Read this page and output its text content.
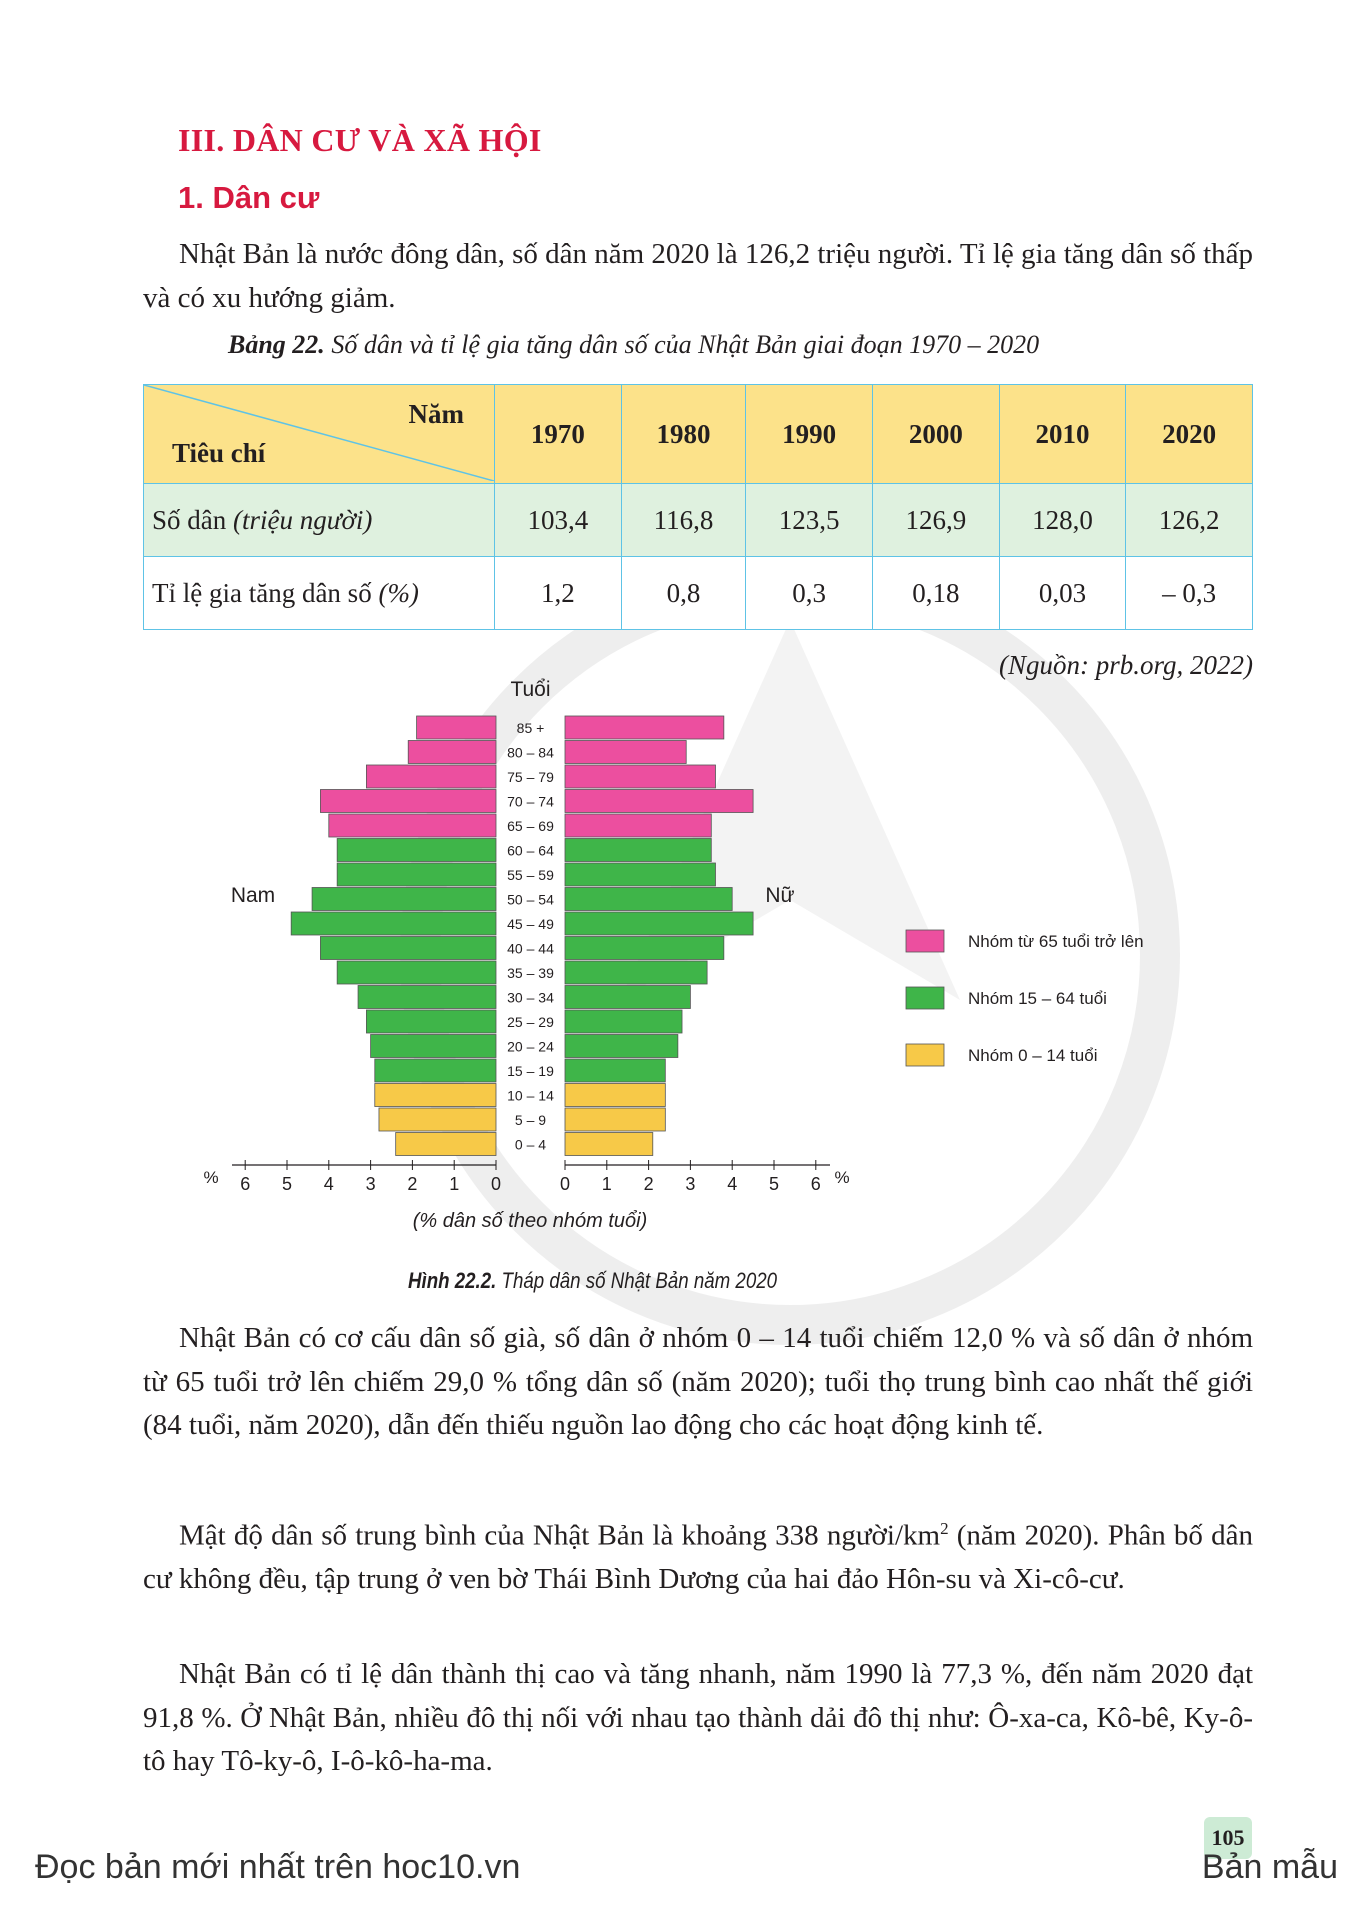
III. DÂN CƯ VÀ XÃ HỘI
1. Dân cư
Nhật Bản là nước đông dân, số dân năm 2020 là 126,2 triệu người. Tỉ lệ gia tăng dân số thấp và có xu hướng giảm.
Bảng 22. Số dân và tỉ lệ gia tăng dân số của Nhật Bản giai đoạn 1970 – 2020
Năm
Tiêu chí	1970	1980	1990	2000	2010	2020
Số dân (triệu người)	103,4	116,8	123,5	126,9	128,0	126,2
Tỉ lệ gia tăng dân số (%)	1,2	0,8	0,3	0,18	0,03	– 0,3
(Nguồn: prb.org, 2022)
85 +
80 – 84
75 – 79
70 – 74
65 – 69
60 – 64
55 – 59
50 – 54
45 – 49
40 – 44
35 – 39
30 – 34
25 – 29
20 – 24
15 – 19
10 – 14
5 – 9
0 – 4
6 5 4 3 2 1 0	0 1 2 3 4 5 6
%	%
Tuổi
Nam	Nữ
(% dân số theo nhóm tuổi)
Nhóm từ 65 tuổi trở lên
Nhóm 15 – 64 tuổi
Nhóm 0 – 14 tuổi
Hình 22.2. Tháp dân số Nhật Bản năm 2020
Nhật Bản có cơ cấu dân số già, số dân ở nhóm 0 – 14 tuổi chiếm 12,0 % và số dân ở nhóm từ 65 tuổi trở lên chiếm 29,0 % tổng dân số (năm 2020); tuổi thọ trung bình cao nhất thế giới (84 tuổi, năm 2020), dẫn đến thiếu nguồn lao động cho các hoạt động kinh tế.
Mật độ dân số trung bình của Nhật Bản là khoảng 338 người/$km^2$ (năm 2020). Phân bố dân cư không đều, tập trung ở ven bờ Thái Bình Dương của hai đảo Hôn-su và Xi-cô-cư.
Nhật Bản có tỉ lệ dân thành thị cao và tăng nhanh, năm 1990 là 77,3 %, đến năm 2020 đạt 91,8 %. Ở Nhật Bản, nhiều đô thị nối với nhau tạo thành dải đô thị như: Ô-xa-ca, Kô-bê, Ky-ô-tô hay Tô-ky-ô, I-ô-kô-ha-ma.
105
Đọc bản mới nhất trên hoc10.vn	Bản mẫu
